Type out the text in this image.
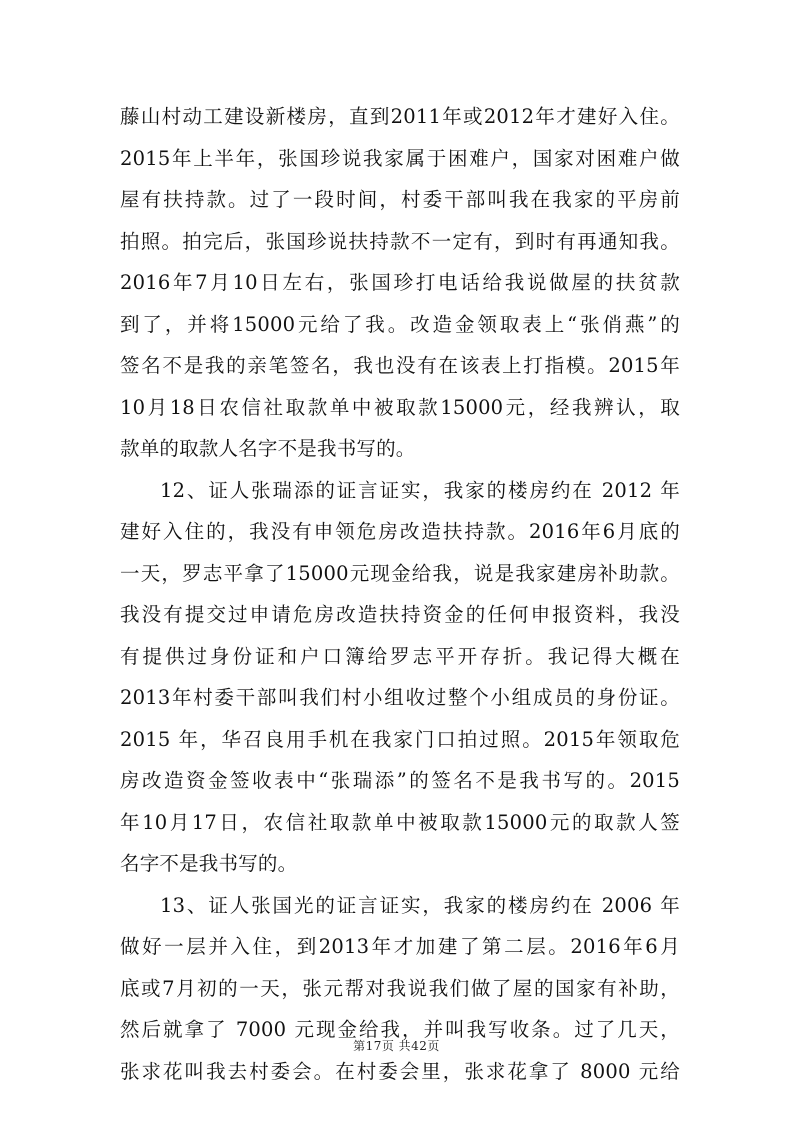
藤山村动工建设新楼房，直到2011年或2012年才建好入住。
2015年上半年，张国珍说我家属于困难户，国家对困难户做
屋有扶持款。过了一段时间，村委干部叫我在我家的平房前
拍照。拍完后，张国珍说扶持款不一定有，到时有再通知我。
2016年7月10日左右，张国珍打电话给我说做屋的扶贫款
到了，并将15000元给了我。改造金领取表上“张俏燕”的
签名不是我的亲笔签名，我也没有在该表上打指模。2015年
10月18日农信社取款单中被取款15000元，经我辨认，取
款单的取款人名字不是我书写的。
12、证人张瑞添的证言证实，我家的楼房约在 2012 年
建好入住的，我没有申领危房改造扶持款。2016年6月底的
一天，罗志平拿了15000元现金给我，说是我家建房补助款。
我没有提交过申请危房改造扶持资金的任何申报资料，我没
有提供过身份证和户口簿给罗志平开存折。我记得大概在
2013年村委干部叫我们村小组收过整个小组成员的身份证。
2015 年，华召良用手机在我家门口拍过照。2015年领取危
房改造资金签收表中“张瑞添”的签名不是我书写的。2015
年10月17日，农信社取款单中被取款15000元的取款人签
名字不是我书写的。
13、证人张国光的证言证实，我家的楼房约在 2006 年
做好一层并入住，到2013年才加建了第二层。2016年6月
底或7月初的一天，张元帮对我说我们做了屋的国家有补助，
然后就拿了 7000 元现金给我，并叫我写收条。过了几天，
张求花叫我去村委会。在村委会里，张求花拿了 8000 元给
第17页 共42页
